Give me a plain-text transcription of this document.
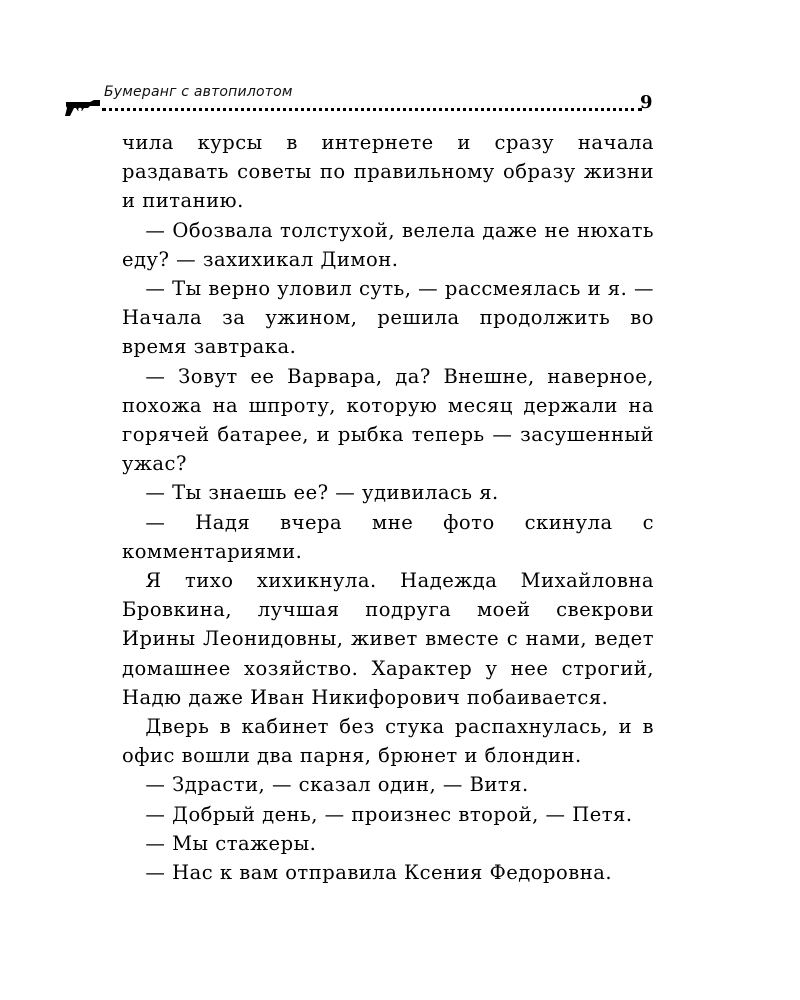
Бумеранг с автопилотом	9

чила курсы в интернете и сразу начала раздавать советы по правильному образу жизни и питанию.

— Обозвала толстухой, велела даже не нюхать еду? — захихикал Димон.

— Ты верно уловил суть, — рассмеялась и я. — Начала за ужином, решила продолжить во время завтрака.

— Зовут ее Варвара, да? Внешне, наверное, похожа на шпроту, которую месяц держали на горячей батарее, и рыбка теперь — засушенный ужас?

— Ты знаешь ее? — удивилась я.

— Надя вчера мне фото скинула с комментариями.

Я тихо хихикнула. Надежда Михайловна Бровкина, лучшая подруга моей свекрови Ирины Леонидовны, живет вместе с нами, ведет домашнее хозяйство. Характер у нее строгий, Надю даже Иван Никифорович побаивается.

Дверь в кабинет без стука распахнулась, и в офис вошли два парня, брюнет и блондин.

— Здрасти, — сказал один, — Витя.

— Добрый день, — произнес второй, — Петя.

— Мы стажеры.

— Нас к вам отправила Ксения Федоровна.
